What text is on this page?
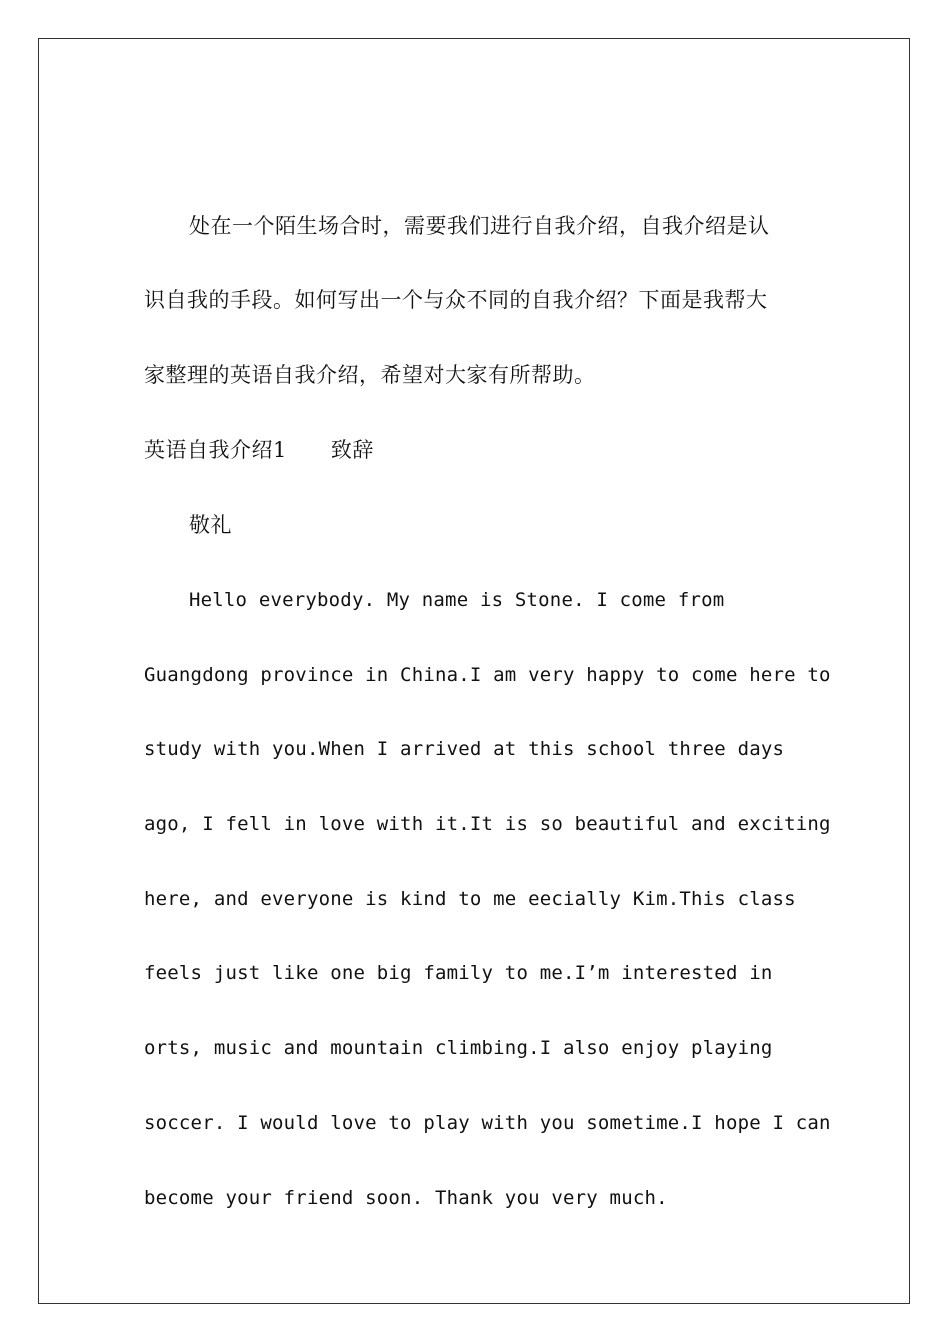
处在一个陌生场合时，需要我们进行自我介绍，自我介绍是认
识自我的手段。如何写出一个与众不同的自我介绍？下面是我帮大
家整理的英语自我介绍，希望对大家有所帮助。
英语自我介绍1 致辞
敬礼
Hello everybody. My name is Stone. I come from
Guangdong province in China.I am very happy to come here to
study with you.When I arrived at this school three days
ago, I fell in love with it.It is so beautiful and exciting
here, and everyone is kind to me eecially Kim.This class
feels just like one big family to me.I’m interested in
orts, music and mountain climbing.I also enjoy playing
soccer. I would love to play with you sometime.I hope I can
become your friend soon. Thank you very much.
